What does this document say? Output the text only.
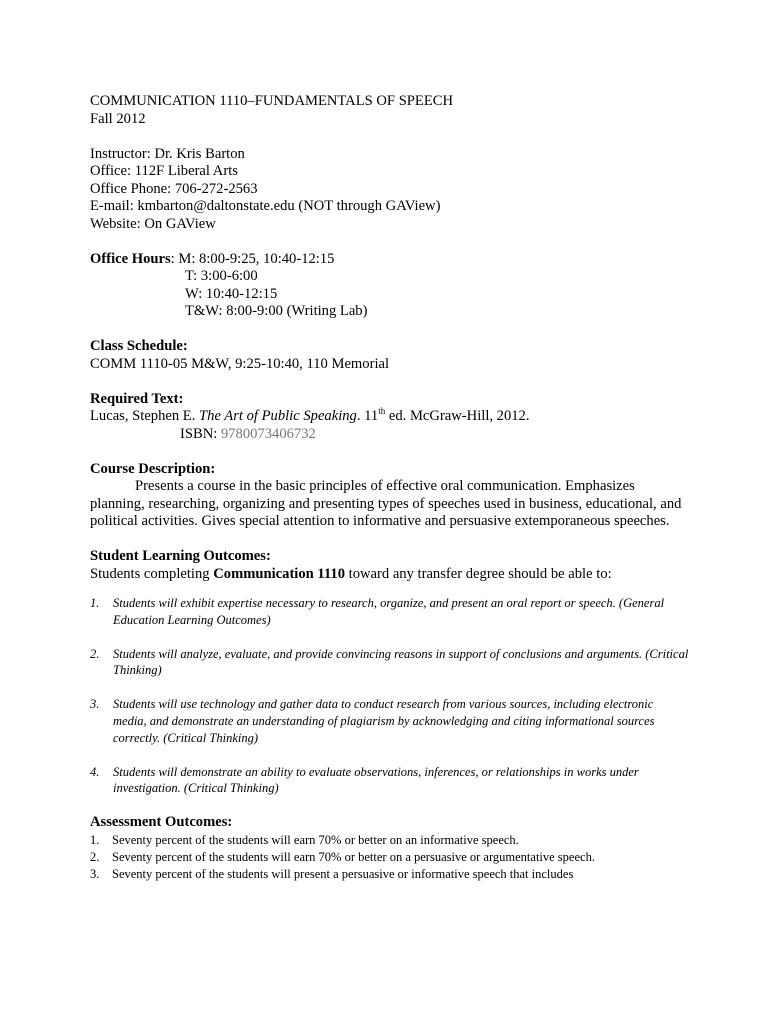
COMMUNICATION 1110–FUNDAMENTALS OF SPEECH
Fall 2012
Instructor: Dr. Kris Barton
Office: 112F Liberal Arts
Office Phone: 706-272-2563
E-mail: kmbarton@daltonstate.edu (NOT through GAView)
Website: On GAView
Office Hours: M: 8:00-9:25, 10:40-12:15
T: 3:00-6:00
W: 10:40-12:15
T&W: 8:00-9:00 (Writing Lab)
Class Schedule:
COMM 1110-05 M&W, 9:25-10:40, 110 Memorial
Required Text:
Lucas, Stephen E. The Art of Public Speaking. 11th ed. McGraw-Hill, 2012.
ISBN: 9780073406732
Course Description:
Presents a course in the basic principles of effective oral communication. Emphasizes planning, researching, organizing and presenting types of speeches used in business, educational, and political activities. Gives special attention to informative and persuasive extemporaneous speeches.
Student Learning Outcomes:
Students completing Communication 1110 toward any transfer degree should be able to:
1.	Students will exhibit expertise necessary to research, organize, and present an oral report or speech. (General Education Learning Outcomes)
2.	Students will analyze, evaluate, and provide convincing reasons in support of conclusions and arguments. (Critical Thinking)
3.	Students will use technology and gather data to conduct research from various sources, including electronic media, and demonstrate an understanding of plagiarism by acknowledging and citing informational sources correctly. (Critical Thinking)
4.	Students will demonstrate an ability to evaluate observations, inferences, or relationships in works under investigation. (Critical Thinking)
Assessment Outcomes:
1.	Seventy percent of the students will earn 70% or better on an informative speech.
2.	Seventy percent of the students will earn 70% or better on a persuasive or argumentative speech.
3.	Seventy percent of the students will present a persuasive or informative speech that includes
